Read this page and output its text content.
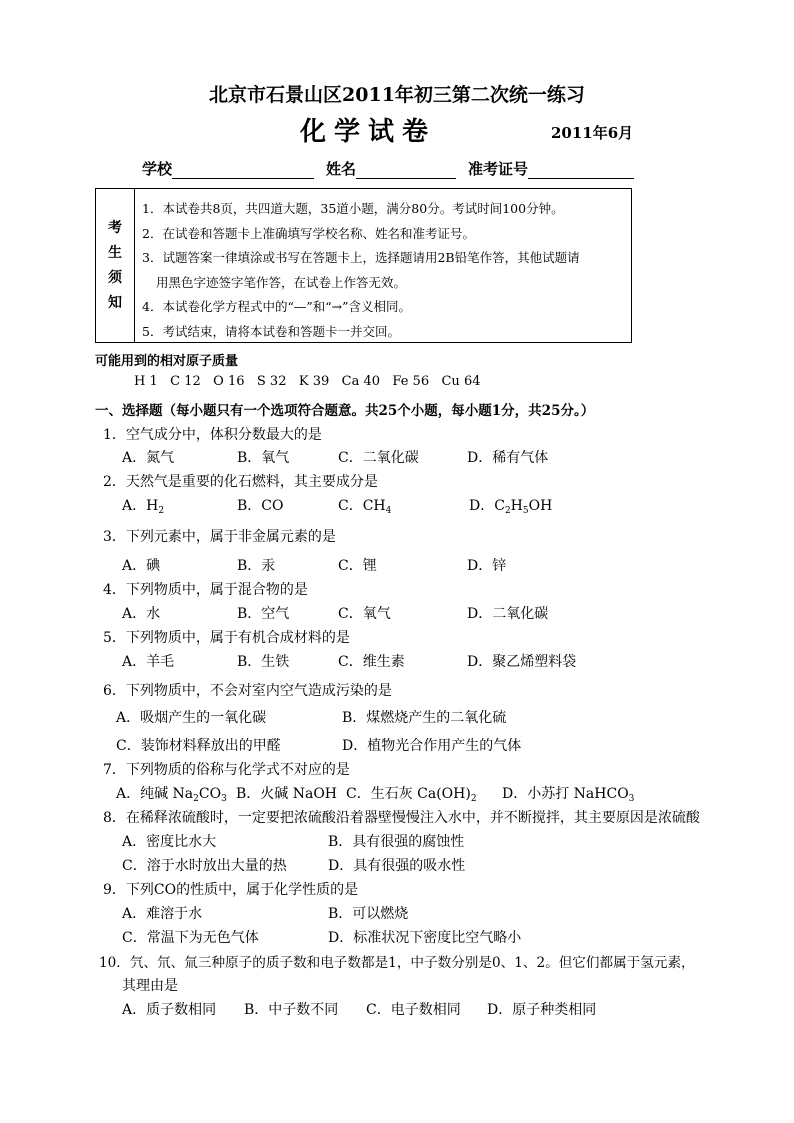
北京市石景山区2011年初三第二次统一练习
化学试卷	2011年6月
学校	姓名	准考证号
考
生
须
知
1．本试卷共8页，共四道大题，35道小题，满分80分。考试时间100分钟。
2．在试卷和答题卡上准确填写学校名称、姓名和准考证号。
3．试题答案一律填涂或书写在答题卡上，选择题请用2B铅笔作答，其他试题请
用黑色字迹签字笔作答，在试卷上作答无效。
4．本试卷化学方程式中的“—”和“→”含义相同。
5．考试结束，请将本试卷和答题卡一并交回。
可能用到的相对原子质量
H 1   C 12   O 16   S 32   K 39   Ca 40   Fe 56   Cu 64
一、选择题（每小题只有一个选项符合题意。共25个小题，每小题1分，共25分。）
1．空气成分中，体积分数最大的是
A．氮气	B．氧气	C．二氧化碳	D．稀有气体
2．天然气是重要的化石燃料，其主要成分是
A．$H_2$	B．CO	C．$CH_4$	D．$C_2H_5OH$
3．下列元素中，属于非金属元素的是
A．碘	B．汞	C．锂	D．锌
4．下列物质中，属于混合物的是
A．水	B．空气	C．氧气	D．二氧化碳
5．下列物质中，属于有机合成材料的是
A．羊毛	B．生铁	C．维生素	D．聚乙烯塑料袋
6．下列物质中，不会对室内空气造成污染的是
A．吸烟产生的一氧化碳	B．煤燃烧产生的二氧化硫
C．装饰材料释放出的甲醛	D．植物光合作用产生的气体
7．下列物质的俗称与化学式不对应的是
A．纯碱 $Na_2CO_3$ B．火碱 NaOH C．生石灰 $Ca(OH)_2$ D．小苏打 NaHCO$_3$
8．在稀释浓硫酸时，一定要把浓硫酸沿着器壁慢慢注入水中，并不断搅拌，其主要原因是浓硫酸
A．密度比水大	B．具有很强的腐蚀性
C．溶于水时放出大量的热	D．具有很强的吸水性
9．下列CO的性质中，属于化学性质的是
A．难溶于水	B．可以燃烧
C．常温下为无色气体	D．标准状况下密度比空气略小
10．氕、氘、氚三种原子的质子数和电子数都是1，中子数分别是0、1、2。但它们都属于氢元素，
其理由是
A．质子数相同 B．中子数不同 C．电子数相同 D．原子种类相同
